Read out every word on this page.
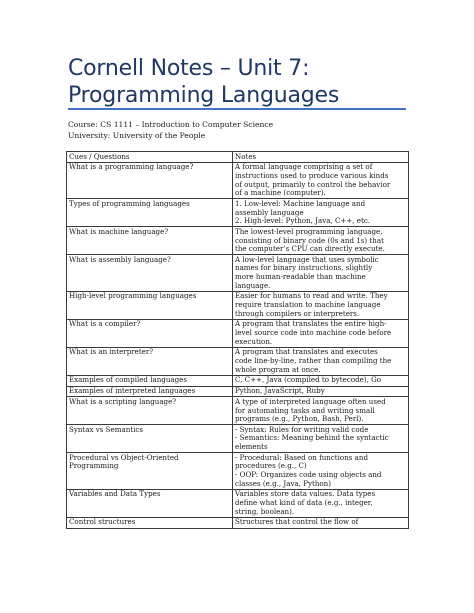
Cornell Notes – Unit 7: Programming Languages
Course: CS 1111 – Introduction to Computer Science
University: University of the People
Cues / Questions	Notes
What is a programming language?	A formal language comprising a set of
instructions used to produce various kinds
of output, primarily to control the behavior
of a machine (computer).

Types of programming languages	1. Low-level: Machine language and
assembly language
2. High-level: Python, Java, C++, etc.

What is machine language?	The lowest-level programming language,
consisting of binary code (0s and 1s) that
the computer’s CPU can directly execute.

What is assembly language?	A low-level language that uses symbolic
names for binary instructions, slightly
more human-readable than machine
language.

High-level programming languages	Easier for humans to read and write. They
require translation to machine language
through compilers or interpreters.

What is a compiler?	A program that translates the entire high-
level source code into machine code before
execution.

What is an interpreter?	A program that translates and executes
code line-by-line, rather than compiling the
whole program at once.

Examples of compiled languages	C, C++, Java (compiled to bytecode), Go

Examples of interpreted languages	Python, JavaScript, Ruby

What is a scripting language?	A type of interpreted language often used
for automating tasks and writing small
programs (e.g., Python, Bash, Perl).

Syntax vs Semantics	- Syntax: Rules for writing valid code
- Semantics: Meaning behind the syntactic
elements

Procedural vs Object-Oriented Programming	- Procedural: Based on functions and
procedures (e.g., C)
- OOP: Organizes code using objects and
classes (e.g., Java, Python)

Variables and Data Types	Variables store data values. Data types
define what kind of data (e.g., integer,
string, boolean).

Control structures	Structures that control the flow of
